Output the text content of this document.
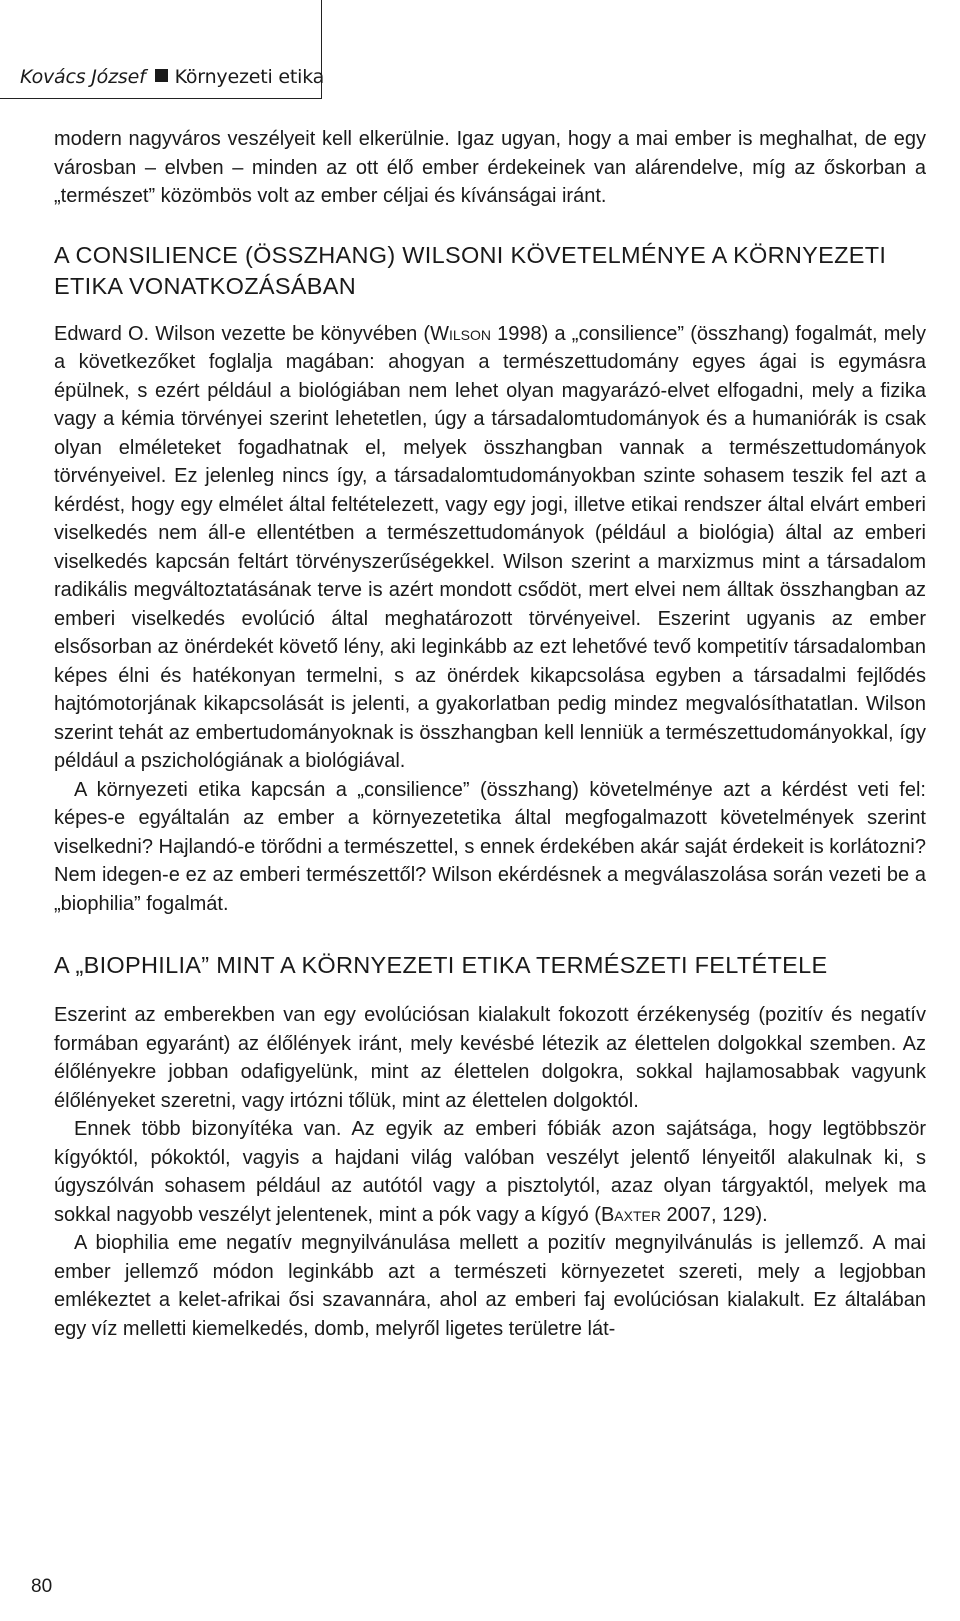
Kovács József Környezeti etika

modern nagyváros veszélyeit kell elkerülnie. Igaz ugyan, hogy a mai ember is meghalhat, de egy városban – elvben – minden az ott élő ember érdekeinek van alárendelve, míg az őskorban a „természet” közömbös volt az ember céljai és kívánságai iránt.

A CONSILIENCE (ÖSSZHANG) WILSONI KÖVETELMÉNYE A KÖRNYEZETI ETIKA VONATKOZÁSÁBAN

Edward O. Wilson vezette be könyvében (Wilson 1998) a „consilience” (összhang) fogalmát, mely a következőket foglalja magában: ahogyan a természettudomány egyes ágai is egymásra épülnek, s ezért például a biológiában nem lehet olyan magyarázó-elvet elfogadni, mely a fizika vagy a kémia törvényei szerint lehetetlen, úgy a társadalomtudományok és a humaniórák is csak olyan elméleteket fogadhatnak el, melyek összhangban vannak a természettudományok törvényeivel. Ez jelenleg nincs így, a társadalomtudományokban szinte sohasem teszik fel azt a kérdést, hogy egy elmélet által feltételezett, vagy egy jogi, illetve etikai rendszer által elvárt emberi viselkedés nem áll-e ellentétben a természettudományok (például a biológia) által az emberi viselkedés kapcsán feltárt törvényszerűségekkel. Wilson szerint a marxizmus mint a társadalom radikális megváltoztatásának terve is azért mondott csődöt, mert elvei nem álltak összhangban az emberi viselkedés evolúció által meghatározott törvényeivel. Eszerint ugyanis az ember elsősorban az önérdekét követő lény, aki leginkább az ezt lehetővé tevő kompetitív társadalomban képes élni és hatékonyan termelni, s az önérdek kikapcsolása egyben a társadalmi fejlődés hajtómotorjának kikapcsolását is jelenti, a gyakorlatban pedig mindez megvalósíthatatlan. Wilson szerint tehát az embertudományoknak is összhangban kell lenniük a természettudományokkal, így például a pszichológiának a biológiával.

A környezeti etika kapcsán a „consilience” (összhang) követelménye azt a kérdést veti fel: képes-e egyáltalán az ember a környezetetika által megfogalmazott követelmények szerint viselkedni? Hajlandó-e törődni a természettel, s ennek érdekében akár saját érdekeit is korlátozni? Nem idegen-e ez az emberi természettől? Wilson ekérdésnek a megválaszolása során vezeti be a „biophilia” fogalmát.

A „BIOPHILIA” MINT A KÖRNYEZETI ETIKA TERMÉSZETI FELTÉTELE

Eszerint az emberekben van egy evolúciósan kialakult fokozott érzékenység (pozitív és negatív formában egyaránt) az élőlények iránt, mely kevésbé létezik az élettelen dolgokkal szemben. Az élőlényekre jobban odafigyelünk, mint az élettelen dolgokra, sokkal hajlamosabbak vagyunk élőlényeket szeretni, vagy irtózni tőlük, mint az élettelen dolgoktól.

Ennek több bizonyítéka van. Az egyik az emberi fóbiák azon sajátsága, hogy legtöbbször kígyóktól, pókoktól, vagyis a hajdani világ valóban veszélyt jelentő lényeitől alakulnak ki, s úgyszólván sohasem például az autótól vagy a pisztolytól, azaz olyan tárgyaktól, melyek ma sokkal nagyobb veszélyt jelentenek, mint a pók vagy a kígyó (Baxter 2007, 129).

A biophilia eme negatív megnyilvánulása mellett a pozitív megnyilvánulás is jellemző. A mai ember jellemző módon leginkább azt a természeti környezetet szereti, mely a legjobban emlékeztet a kelet-afrikai ősi szavannára, ahol az emberi faj evolúciósan kialakult. Ez általában egy víz melletti kiemelkedés, domb, melyről ligetes területre lát-

80
